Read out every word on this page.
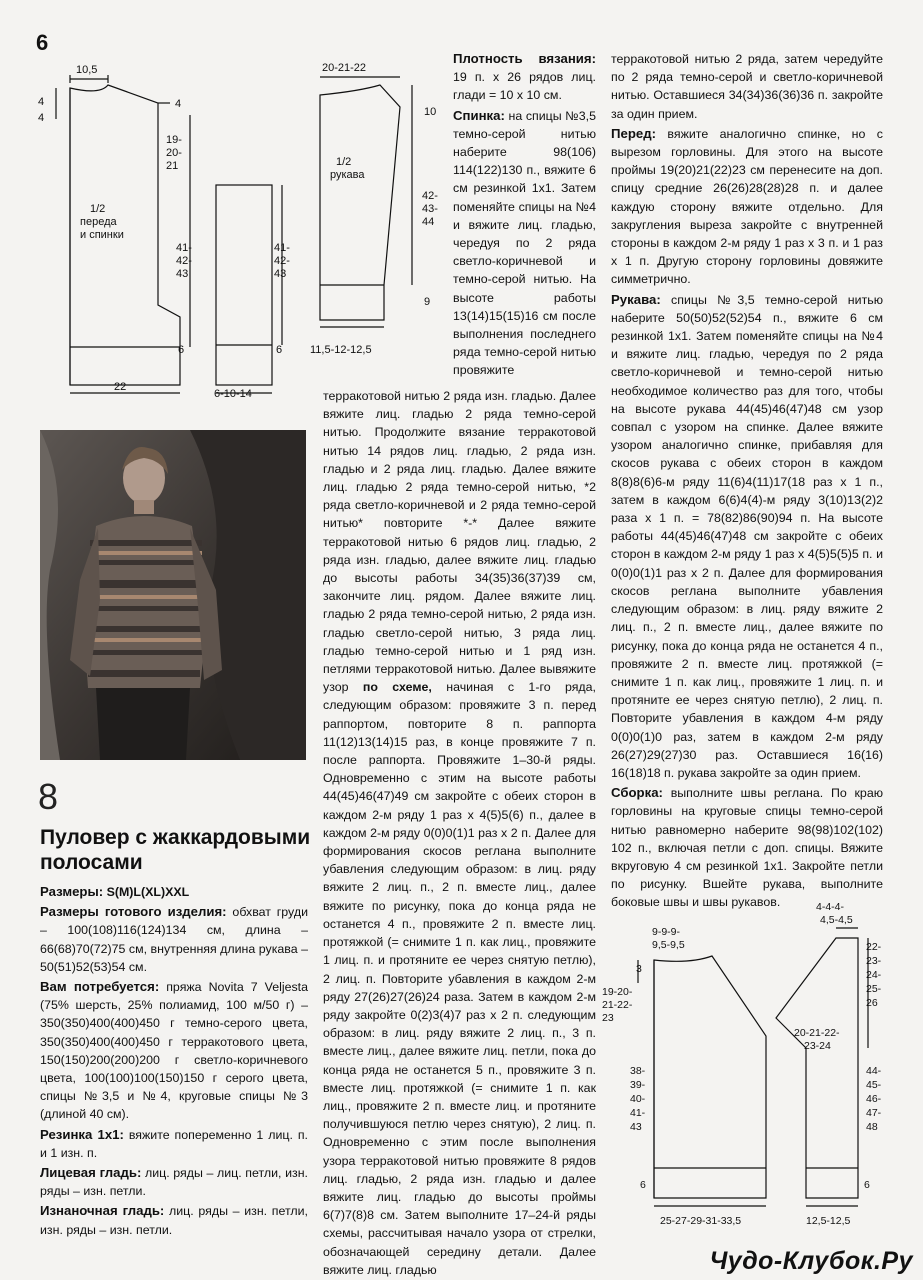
6
10,5
4
4
4
19-
20-
21
1/2
переда
и спинки
41-
42-
43
6
22
41-
42-
43
6
6-10-14
20-21-22
10
1/2
рукава
42-
43-
44
9
11,5-12-12,5
8
Пуловер с жаккардовыми полосами

Размеры: S(M)L(XL)XXL

Размеры готового изделия: обхват груди – 100(108)116(124)134 см, длина – 66(68)70(72)75 см, внутренняя длина рукава – 50(51)52(53)54 см.

Вам потребуется: пряжа Novita 7 Veljesta (75% шерсть, 25% полиамид, 100 м/50 г) – 350(350)400(400)450 г темно-серого цвета, 350(350)400(400)450 г терракотового цвета, 150(150)200(200)200 г светло-коричневого цвета, 100(100)100(150)150 г серого цвета, спицы №3,5 и №4, круговые спицы №3 (длиной 40 см).

Резинка 1х1: вяжите попеременно 1 лиц. п. и 1 изн. п.

Лицевая гладь: лиц. ряды – лиц. петли, изн. ряды – изн. петли.

Изнаночная гладь: лиц. ряды – изн. петли, изн. ряды – изн. петли.

Плотность вязания: 19 п. х 26 рядов лиц. глади = 10 х 10 см.

Спинка: на спицы №3,5 темно-серой нитью наберите 98(106) 114(122)130 п., вяжите 6 см резинкой 1х1. Затем поменяйте спицы на №4 и вяжите лиц. гладью, чередуя по 2 ряда светло-коричневой и темно-серой нитью. На высоте работы 13(14)15(15)16 см после выполнения последнего ряда темно-серой нитью провяжите

терракотовой нитью 2 ряда изн. гладью. Далее вяжите лиц. гладью 2 ряда темно-серой нитью. Продолжите вязание терракотовой нитью 14 рядов лиц. гладью, 2 ряда изн. гладью и 2 ряда лиц. гладью. Далее вяжите лиц. гладью 2 ряда темно-серой нитью, *2 ряда светло-коричневой и 2 ряда темно-серой нитью* повторите *-* Далее вяжите терракотовой нитью 6 рядов лиц. гладью, 2 ряда изн. гладью, далее вяжите лиц. гладью до высоты работы 34(35)36(37)39 см, закончите лиц. рядом. Далее вяжите лиц. гладью 2 ряда темно-серой нитью, 2 ряда изн. гладью светло-серой нитью, 3 ряда лиц. гладью темно-серой нитью и 1 ряд изн. петлями терракотовой нитью. Далее вывяжите узор по схеме, начиная с 1-го ряда, следующим образом: провяжите 3 п. перед раппортом, повторите 8 п. раппорта 11(12)13(14)15 раз, в конце провяжите 7 п. после раппорта. Провяжите 1–30-й ряды. Одновременно с этим на высоте работы 44(45)46(47)49 см закройте с обеих сторон в каждом 2-м ряду 1 раз х 4(5)5(6) п., далее в каждом 2-м ряду 0(0)0(1)1 раз х 2 п. Далее для формирования скосов реглана выполните убавления следующим образом: в лиц. ряду вяжите 2 лиц. п., 2 п. вместе лиц., далее вяжите по рисунку, пока до конца ряда не останется 4 п., провяжите 2 п. вместе лиц. протяжкой (= снимите 1 п. как лиц., провяжите 1 лиц. п. и протяните ее через снятую петлю), 2 лиц. п. Повторите убавления в каждом 2-м ряду 27(26)27(26)24 раза. Затем в каждом 2-м ряду закройте 0(2)3(4)7 раз х 2 п. следующим образом: в лиц. ряду вяжите 2 лиц. п., 3 п. вместе лиц., далее вяжите лиц. петли, пока до конца ряда не останется 5 п., провяжите 3 п. вместе лиц. протяжкой (= снимите 1 п. как лиц., провяжите 2 п. вместе лиц. и протяните получившуюся петлю через снятую), 2 лиц. п. Одновременно с этим после выполнения узора терракотовой нитью провяжите 8 рядов лиц. гладью, 2 ряда изн. гладью и далее вяжите лиц. гладью до высоты проймы 6(7)7(8)8 см. Затем выполните 17–24-й ряды схемы, рассчитывая начало узора от стрелки, обозначающей середину детали. Далее вяжите лиц. гладью

терракотовой нитью 2 ряда, затем чередуйте по 2 ряда темно-серой и светло-коричневой нитью. Оставшиеся 34(34)36(36)36 п. закройте за один прием.

Перед: вяжите аналогично спинке, но с вырезом горловины. Для этого на высоте проймы 19(20)21(22)23 см перенесите на доп. спицу средние 26(26)28(28)28 п. и далее каждую сторону вяжите отдельно. Для закругления выреза закройте с внутренней стороны в каждом 2-м ряду 1 раз х 3 п. и 1 раз х 1 п. Другую сторону горловины довяжите симметрично.

Рукава: спицы №3,5 темно-серой нитью наберите 50(50)52(52)54 п., вяжите 6 см резинкой 1х1. Затем поменяйте спицы на №4 и вяжите лиц. гладью, чередуя по 2 ряда светло-коричневой и темно-серой нитью необходимое количество раз для того, чтобы на высоте рукава 44(45)46(47)48 см узор совпал с узором на спинке. Далее вяжите узором аналогично спинке, прибавляя для скосов рукава с обеих сторон в каждом 8(8)8(6)6-м ряду 11(6)4(11)17(18 раз х 1 п., затем в каждом 6(6)4(4)-м ряду 3(10)13(2)2 раза х 1 п. = 78(82)86(90)94 п. На высоте работы 44(45)46(47)48 см закройте с обеих сторон в каждом 2-м ряду 1 раз х 4(5)5(5)5 п. и 0(0)0(1)1 раз х 2 п. Далее для формирования скосов реглана выполните убавления следующим образом: в лиц. ряду вяжите 2 лиц. п., 2 п. вместе лиц., далее вяжите по рисунку, пока до конца ряда не останется 4 п., провяжите 2 п. вместе лиц. протяжкой (= снимите 1 п. как лиц., провяжите 1 лиц. п. и протяните ее через снятую петлю), 2 лиц. п. Повторите убавления в каждом 4-м ряду 0(0)0(1)0 раз, затем в каждом 2-м ряду 26(27)29(27)30 раз. Оставшиеся 16(16) 16(18)18 п. рукава закройте за один прием.

Сборка: выполните швы реглана. По краю горловины на круговые спицы темно-серой нитью равномерно наберите 98(98)102(102) 102 п., включая петли с доп. спицы. Вяжите вкруговую 4 см резинкой 1х1. Закройте петли по рисунку. Вшейте рукава, выполните боковые швы и швы рукавов.

9-9-9-
9,5-9,5
4-4-4-
4,5-4,5
3
19-20-
21-22-
23
38-
39-
40-
41-
43
6
25-27-29-31-33,5
20-21-22-
23-24
22-
23-
24-
25-
26
44-
45-
46-
47-
48
6
12,5-12,5
Чудо-Клубок.Ру
